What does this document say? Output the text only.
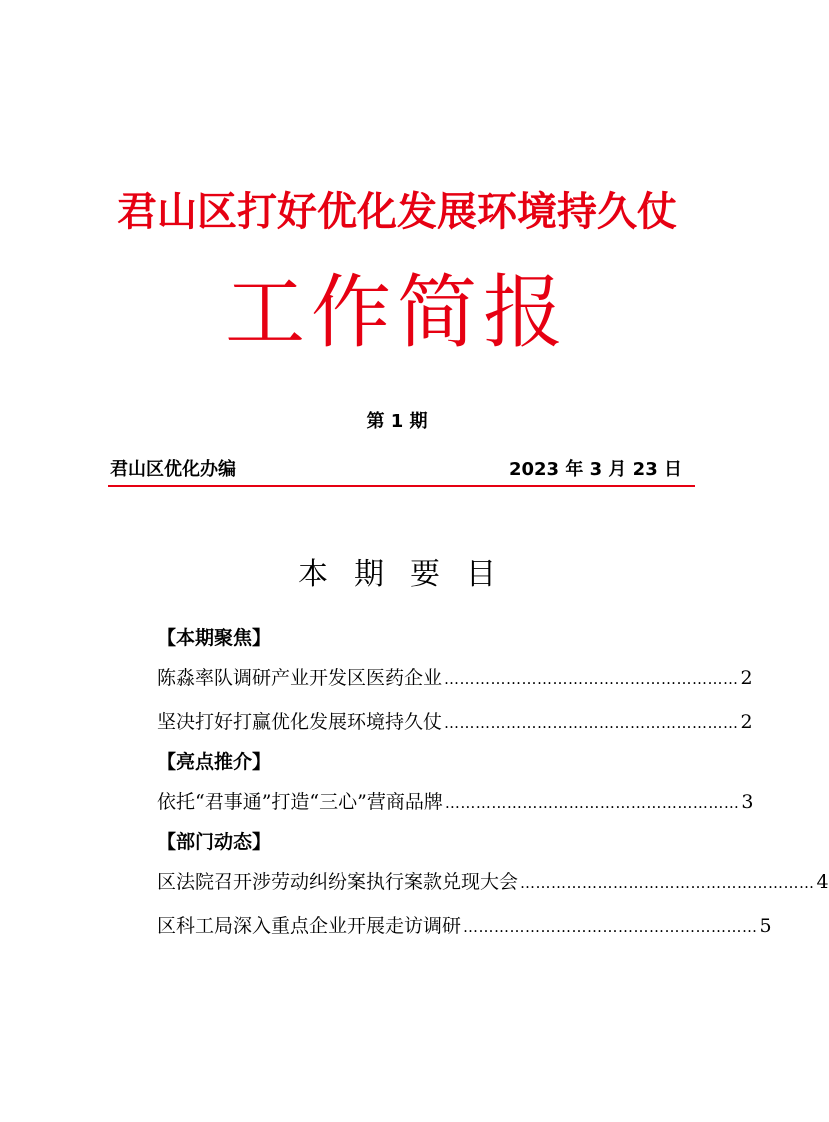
君山区打好优化发展环境持久仗
工作简报
第 1 期
君山区优化办编	2023 年 3 月 23 日
本期要目
【本期聚焦】
陈淼率队调研产业开发区医药企业 ………………………………………………… 2
坚决打好打赢优化发展环境持久仗 ………………………………………………… 2
【亮点推介】
依托“君事通”打造“三心”营商品牌 ………………………………………………… 3
【部门动态】
区法院召开涉劳动纠纷案执行案款兑现大会 ………………………………………………… 4
区科工局深入重点企业开展走访调研 ………………………………………………… 5
